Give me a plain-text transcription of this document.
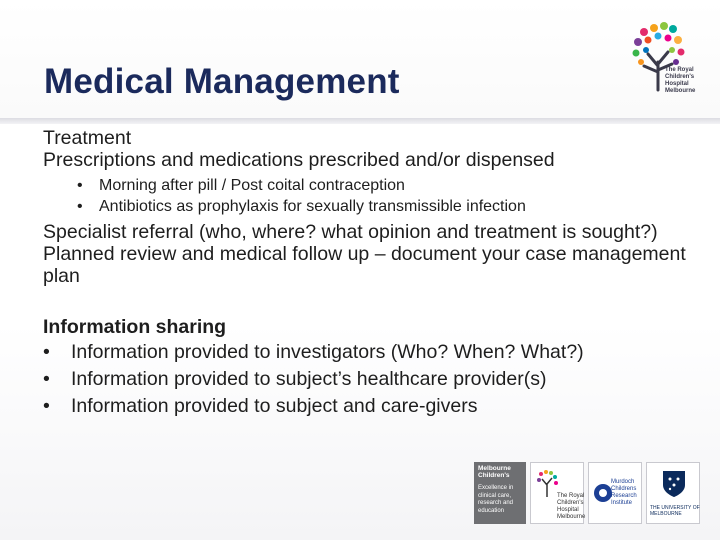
Medical Management	The Royal
Children's
Hospital
Melbourne
Treatment
Prescriptions and medications prescribed and/or dispensed
• Morning after pill / Post coital contraception
• Antibiotics as prophylaxis for sexually transmissible infection
Specialist referral (who, where? what opinion and treatment is sought?)
Planned review and medical follow up – document your case management plan
Information sharing
• Information provided to investigators (Who? When? What?)
• Information provided to subject’s healthcare provider(s)
• Information provided to subject and care-givers
Melbourne
Children's
Excellence in
clinical care,
research and
education
The Royal
Children's
Hospital
Melbourne
Murdoch
Childrens
Research
Institute
THE UNIVERSITY OF
MELBOURNE
